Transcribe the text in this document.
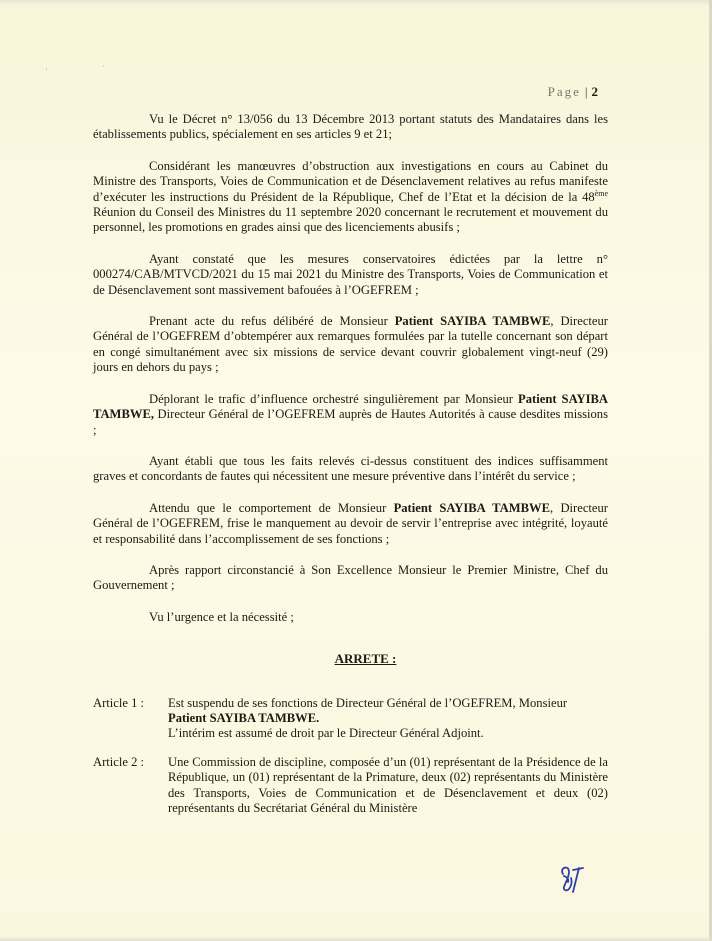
· ˙
Page | 2

Vu le Décret n° 13/056 du 13 Décembre 2013 portant statuts des Mandataires dans les établissements publics, spécialement en ses articles 9 et 21;

Considérant les manœuvres d’obstruction aux investigations en cours au Cabinet du Ministre des Transports, Voies de Communication et de Désenclavement relatives au refus manifeste d’exécuter les instructions du Président de la République, Chef de l’Etat et la décision de la 48ème Réunion du Conseil des Ministres du 11 septembre 2020 concernant le recrutement et mouvement du personnel, les promotions en grades ainsi que des licenciements abusifs ;

Ayant constaté que les mesures conservatoires édictées par la lettre n° 000274/CAB/MTVCD/2021 du 15 mai 2021 du Ministre des Transports, Voies de Communication et de Désenclavement sont massivement bafouées à l’OGEFREM ;

Prenant acte du refus délibéré de Monsieur Patient SAYIBA TAMBWE, Directeur Général de l’OGEFREM d’obtempérer aux remarques formulées par la tutelle concernant son départ en congé simultanément avec six missions de service devant couvrir globalement vingt-neuf (29) jours en dehors du pays ;

Déplorant le trafic d’influence orchestré singulièrement par Monsieur Patient SAYIBA TAMBWE, Directeur Général de l’OGEFREM auprès de Hautes Autorités à cause desdites missions ;

Ayant établi que tous les faits relevés ci-dessus constituent des indices suffisamment graves et concordants de fautes qui nécessitent une mesure préventive dans l’intérêt du service ;

Attendu que le comportement de Monsieur Patient SAYIBA TAMBWE, Directeur Général de l’OGEFREM, frise le manquement au devoir de servir l’entreprise avec intégrité, loyauté et responsabilité dans l’accomplissement de ses fonctions ;

Après rapport circonstancié à Son Excellence Monsieur le Premier Ministre, Chef du Gouvernement ;

Vu l’urgence et la nécessité ;

ARRETE :
Article 1 :	Est suspendu de ses fonctions de Directeur Général de l’OGEFREM, Monsieur
Patient SAYIBA TAMBWE.
L’intérim est assumé de droit par le Directeur Général Adjoint.
Article 2 :	Une Commission de discipline, composée d’un (01) représentant de la Présidence de la République, un (01) représentant de la Primature, deux (02) représentants du Ministère des Transports, Voies de Communication et de Désenclavement et deux (02) représentants du Secrétariat Général du Ministère
